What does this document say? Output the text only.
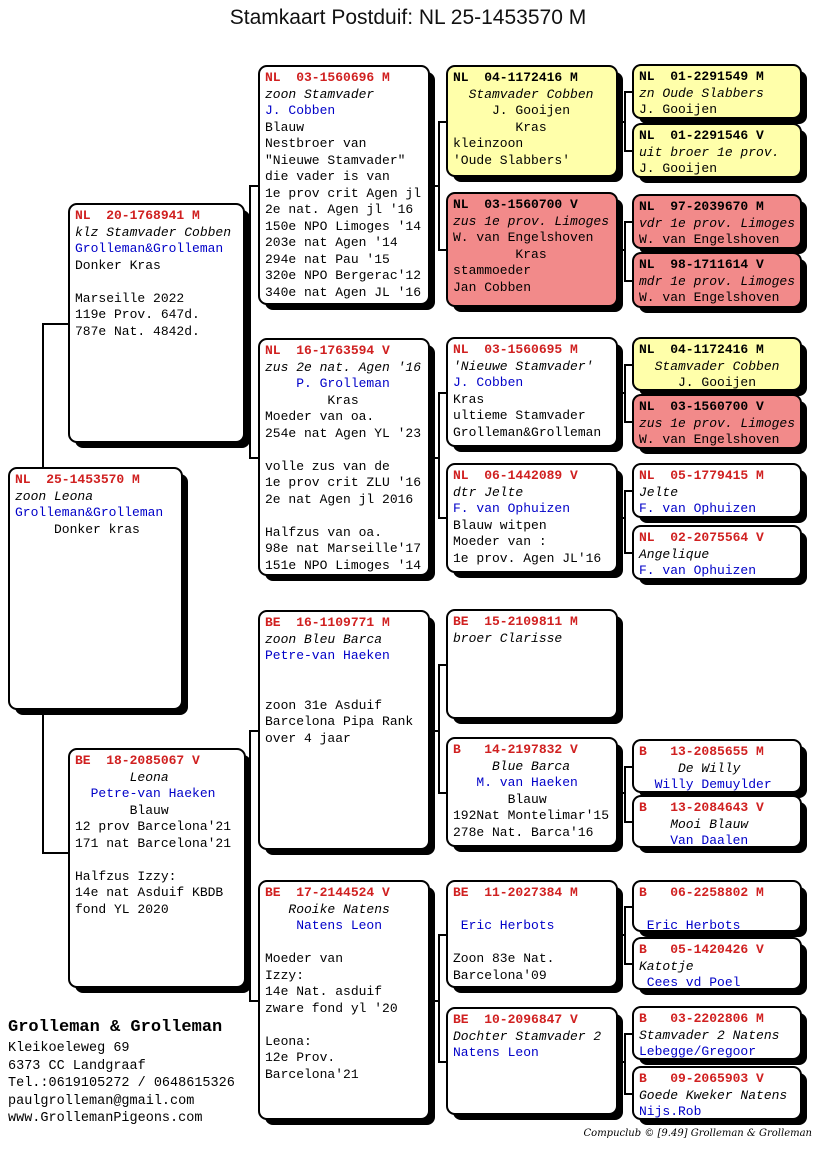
Stamkaart Postduif: NL 25-1453570 M
NL  25-1453570 M
zoon Leona
Grolleman&Grolleman
Donker kras
NL  20-1768941 M
klz Stamvader Cobben
Grolleman&Grolleman
Donker Kras

Marseille 2022
119e Prov. 647d.
787e Nat. 4842d.
BE  18-2085067 V
Leona
Petre-van Haeken
Blauw
12 prov Barcelona'21
171 nat Barcelona'21

Halfzus Izzy:
14e nat Asduif KBDB
fond YL 2020
NL  03-1560696 M
zoon Stamvader
J. Cobben
Blauw
Nestbroer van
"Nieuwe Stamvader"
die vader is van
1e prov crit Agen jl
2e nat. Agen jl '16
150e NPO Limoges '14
203e nat Agen '14
294e nat Pau '15
320e NPO Bergerac'12
340e nat Agen JL '16
NL  16-1763594 V
zus 2e nat. Agen '16
P. Grolleman
Kras
Moeder van oa.
254e nat Agen YL '23

volle zus van de
1e prov crit ZLU '16
2e nat Agen jl 2016

Halfzus van oa.
98e nat Marseille'17
151e NPO Limoges '14
BE  16-1109771 M
zoon Bleu Barca
Petre-van Haeken

zoon 31e Asduif
Barcelona Pipa Rank
over 4 jaar
BE  17-2144524 V
Rooike Natens
Natens Leon

Moeder van
Izzy:
14e Nat. asduif
zware fond yl '20

Leona:
12e Prov.
Barcelona'21
NL  04-1172416 M
Stamvader Cobben
J. Gooijen
Kras
kleinzoon
'Oude Slabbers'
NL  03-1560700 V
zus 1e prov. Limoges
W. van Engelshoven
Kras
stammoeder
Jan Cobben
NL  03-1560695 M
'Nieuwe Stamvader'
J. Cobben
Kras
ultieme Stamvader
Grolleman&Grolleman
NL  06-1442089 V
dtr Jelte
F. van Ophuizen
Blauw witpen
Moeder van :
1e prov. Agen JL'16
BE  15-2109811 M
broer Clarisse
B   14-2197832 V
Blue Barca
M. van Haeken
Blauw
192Nat Montelimar'15
278e Nat. Barca'16
BE  11-2027384 M

Eric Herbots

Zoon 83e Nat.
Barcelona'09
BE  10-2096847 V
Dochter Stamvader 2
Natens Leon
NL  01-2291549 M
zn Oude Slabbers
J. Gooijen
NL  01-2291546 V
uit broer 1e prov.
J. Gooijen
NL  97-2039670 M
vdr 1e prov. Limoges
W. van Engelshoven
NL  98-1711614 V
mdr 1e prov. Limoges
W. van Engelshoven
NL  04-1172416 M
Stamvader Cobben
J. Gooijen
NL  03-1560700 V
zus 1e prov. Limoges
W. van Engelshoven
NL  05-1779415 M
Jelte
F. van Ophuizen
NL  02-2075564 V
Angelique
F. van Ophuizen
B   13-2085655 M
De Willy
Willy Demuylder
B   13-2084643 V
Mooi Blauw
Van Daalen
B   06-2258802 M

Eric Herbots
B   05-1420426 V
Katotje
Cees vd Poel
B   03-2202806 M
Stamvader 2 Natens
Lebegge/Gregoor
B   09-2065903 V
Goede Kweker Natens
Nijs.Rob
Grolleman & Grolleman
Kleikoeleweg 69
6373 CC Landgraaf
Tel.:0619105272 / 0648615326
paulgrolleman@gmail.com
www.GrollemanPigeons.com
Compuclub © [9.49] Grolleman & Grolleman
